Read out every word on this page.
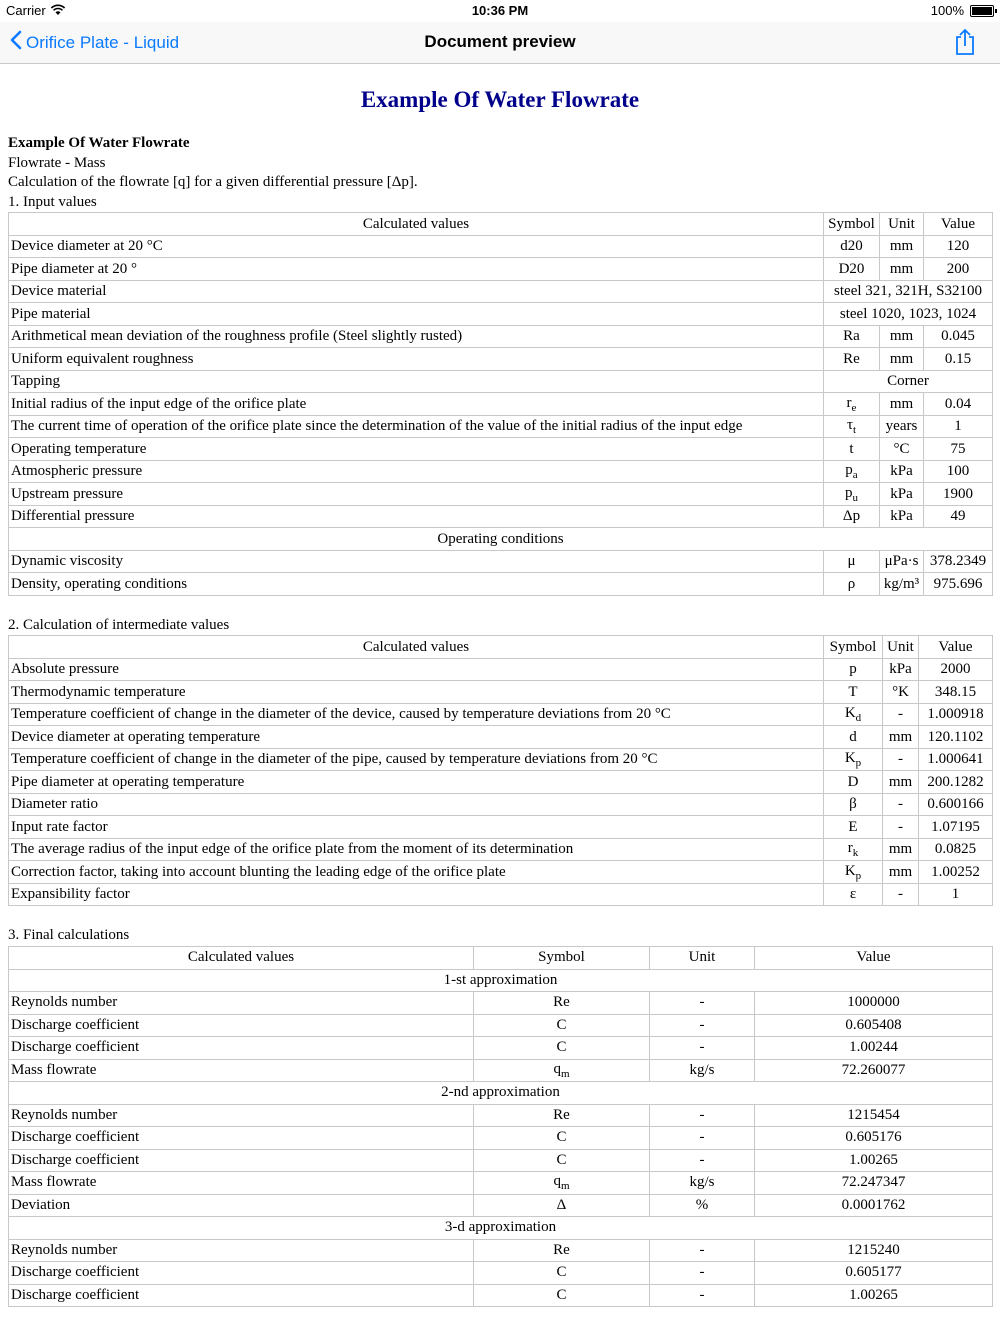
Carrier	10:36 PM	100%
Orifice Plate - Liquid	Document preview
Example Of Water Flowrate
Example Of Water Flowrate
Flowrate - Mass
Calculation of the flowrate [q] for a given differential pressure [Δp].
1. Input values
Calculated values	Symbol	Unit	Value
Device diameter at 20 °C	d20	mm	120
Pipe diameter at 20 °	D20	mm	200
Device material	steel 321, 321H, S32100		
Pipe material	steel 1020, 1023, 1024		
Arithmetical mean deviation of the roughness profile (Steel slightly rusted)	Ra	mm	0.045
Uniform equivalent roughness	Re	mm	0.15
Tapping	Corner		
Initial radius of the input edge of the orifice plate	$r_e$	mm	0.04
The current time of operation of the orifice plate since the determination of the value of the initial radius of the input edge	$\tau_t$	years	1
Operating temperature	t	°C	75
Atmospheric pressure	$p_a$	kPa	100
Upstream pressure	$p_u$	kPa	1900
Differential pressure	Δp	kPa	49
Operating conditions			
Dynamic viscosity	μ	μPa·s	378.2349
Density, operating conditions	ρ	kg/m³	975.696
2. Calculation of intermediate values
Calculated values	Symbol	Unit	Value
Absolute pressure	p	kPa	2000
Thermodynamic temperature	T	°K	348.15
Temperature coefficient of change in the diameter of the device, caused by temperature deviations from 20 °C	$K_d$	-	1.000918
Device diameter at operating temperature	d	mm	120.1102
Temperature coefficient of change in the diameter of the pipe, caused by temperature deviations from 20 °C	$K_p$	-	1.000641
Pipe diameter at operating temperature	D	mm	200.1282
Diameter ratio	β	-	0.600166
Input rate factor	E	-	1.07195
The average radius of the input edge of the orifice plate from the moment of its determination	$r_k$	mm	0.0825
Correction factor, taking into account blunting the leading edge of the orifice plate	$K_p$	mm	1.00252
Expansibility factor	ε	-	1
3. Final calculations
Calculated values	Symbol	Unit	Value
1-st approximation			
Reynolds number	Re	-	1000000
Discharge coefficient	C	-	0.605408
Discharge coefficient	C	-	1.00244
Mass flowrate	$q_m$	kg/s	72.260077
2-nd approximation			
Reynolds number	Re	-	1215454
Discharge coefficient	C	-	0.605176
Discharge coefficient	C	-	1.00265
Mass flowrate	$q_m$	kg/s	72.247347
Deviation	Δ	%	0.0001762
3-d approximation			
Reynolds number	Re	-	1215240
Discharge coefficient	C	-	0.605177
Discharge coefficient	C	-	1.00265
